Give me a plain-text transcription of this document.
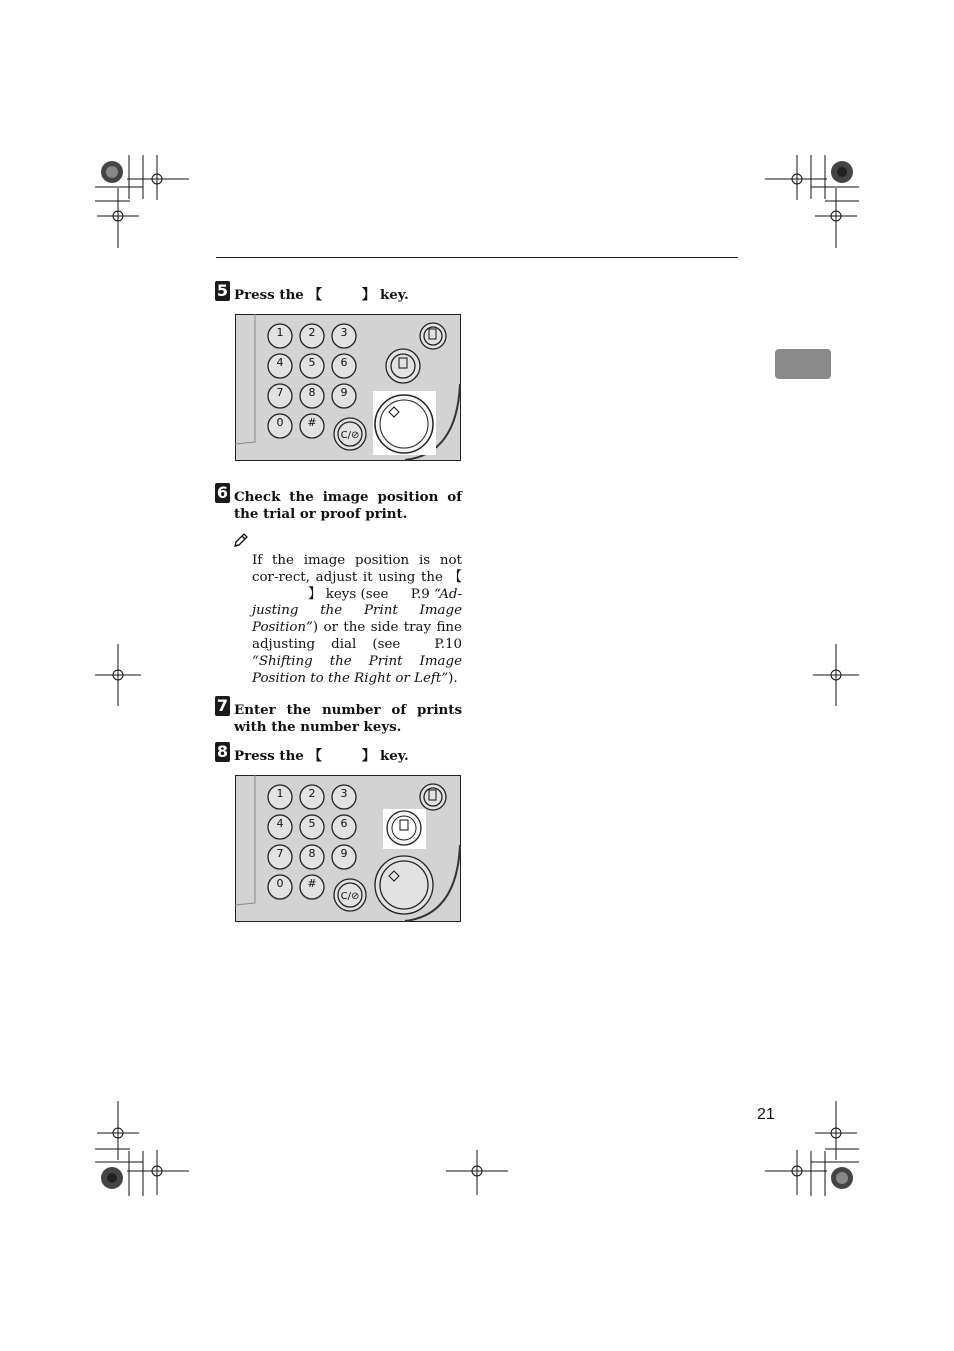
5 Press the 【	】 key.
1 2 3
4 5 6
7 8 9
0 #
C/⊘
6 Check the image position of the trial or proof print.
If the image position is not cor-rect, adjust it using the 【】 keys (see P.9 “Ad-justing the Print Image Position”) or the side tray fine adjusting dial (see	P.10 “Shifting the Print Image Position to the Right or Left”).
7 Enter the number of prints with the number keys.
8 Press the 【	】 key.
1 2 3
4 5 6
7 8 9
0 #
C/⊘
21
